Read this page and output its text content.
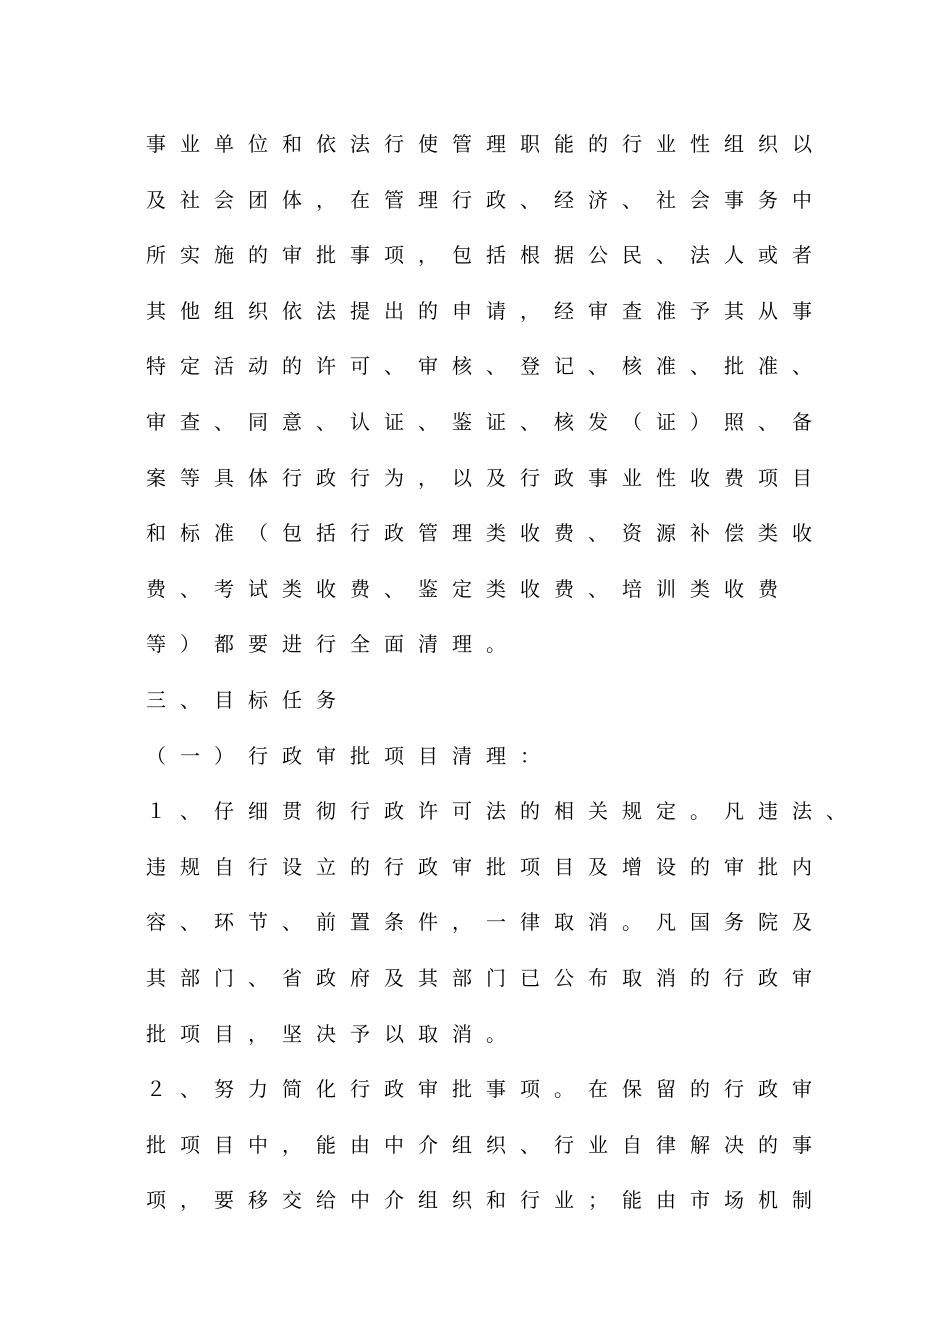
事业单位和依法行使管理职能的行业性组织以
及社会团体，在管理行政、经济、社会事务中
所实施的审批事项，包括根据公民、法人或者
其他组织依法提出的申请，经审查准予其从事
特定活动的许可、审核、登记、核准、批准、
审查、同意、认证、鉴证、核发（证）照、备
案等具体行政行为，以及行政事业性收费项目
和标准（包括行政管理类收费、资源补偿类收
费、考试类收费、鉴定类收费、培训类收费
等）都要进行全面清理。
三、目标任务
（一）行政审批项目清理：
１、仔细贯彻行政许可法的相关规定。凡违法、
违规自行设立的行政审批项目及增设的审批内
容、环节、前置条件，一律取消。凡国务院及
其部门、省政府及其部门已公布取消的行政审
批项目，坚决予以取消。
２、努力简化行政审批事项。在保留的行政审
批项目中，能由中介组织、行业自律解决的事
项，要移交给中介组织和行业；能由市场机制
